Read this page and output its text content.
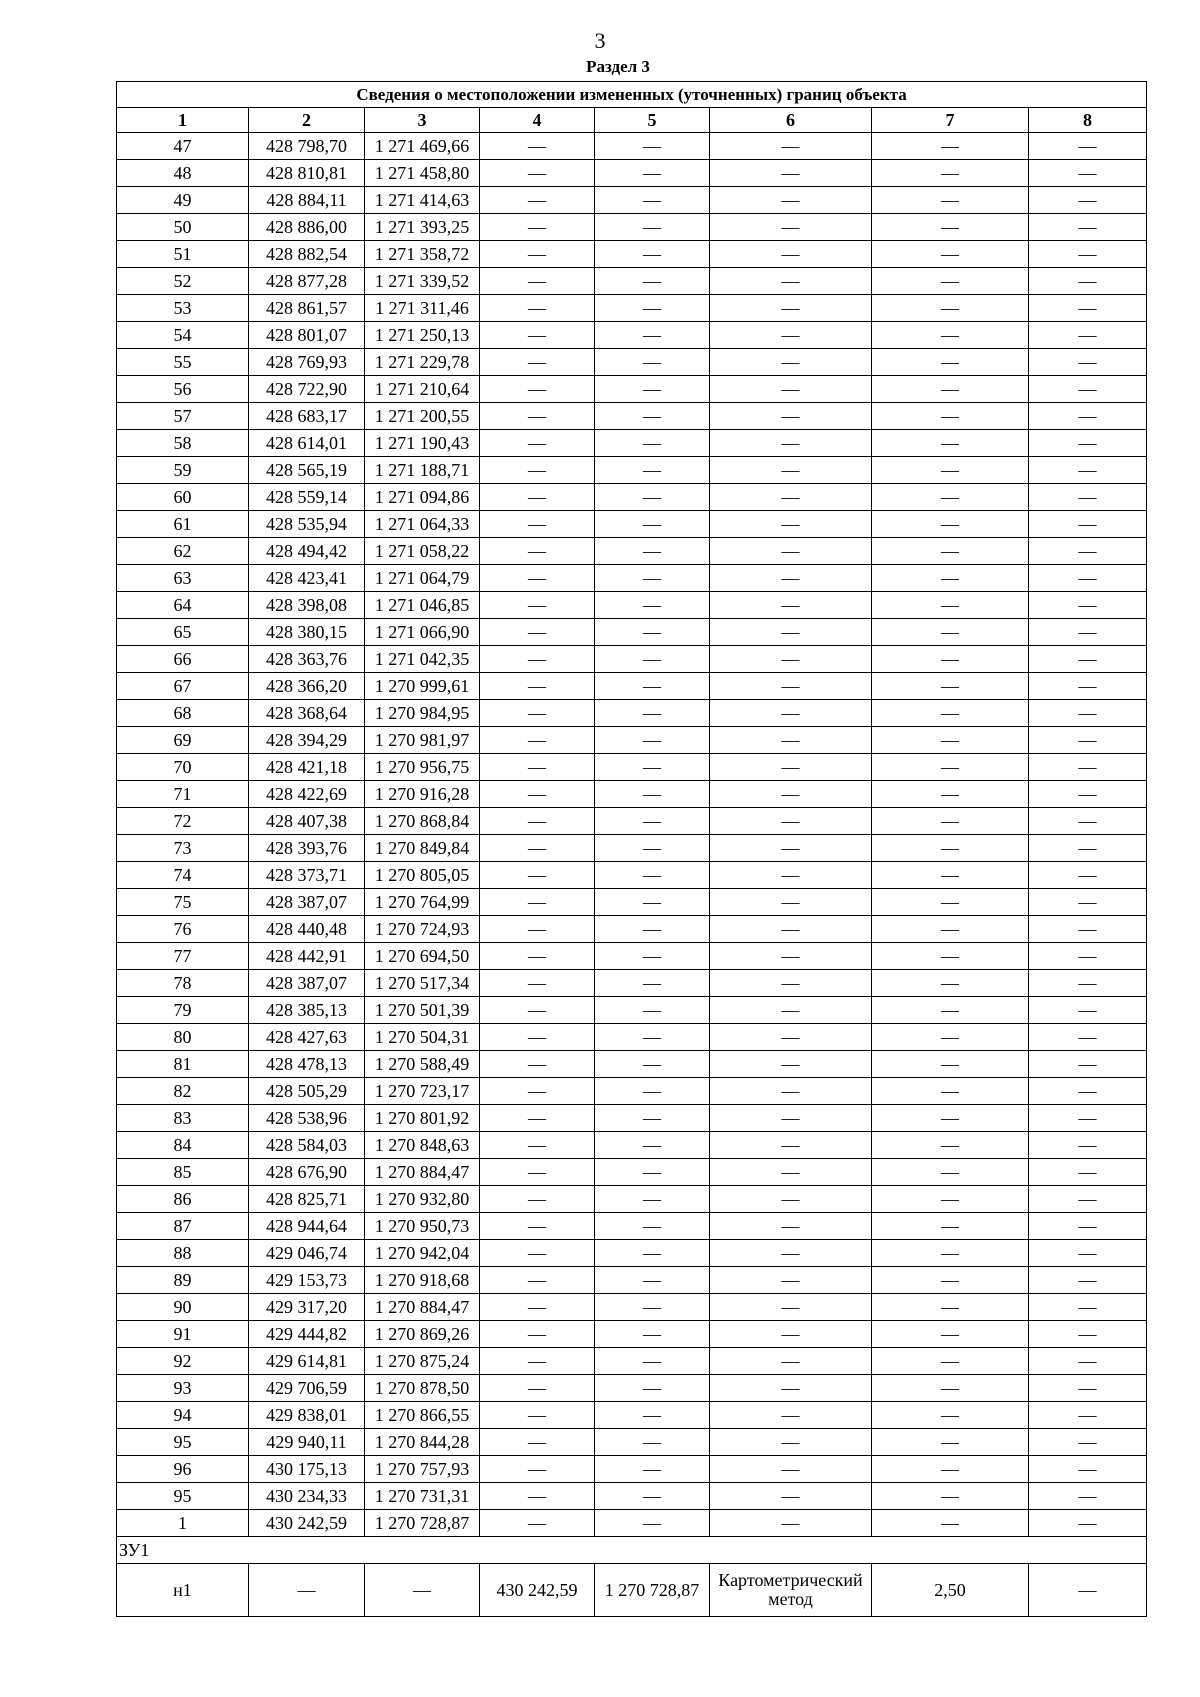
3
Раздел 3
Сведения о местоположении измененных (уточненных) границ объекта							
1	2	3	4	5	6	7	8
47	428 798,70	1 271 469,66	—	—	—	—	—
48	428 810,81	1 271 458,80	—	—	—	—	—
49	428 884,11	1 271 414,63	—	—	—	—	—
50	428 886,00	1 271 393,25	—	—	—	—	—
51	428 882,54	1 271 358,72	—	—	—	—	—
52	428 877,28	1 271 339,52	—	—	—	—	—
53	428 861,57	1 271 311,46	—	—	—	—	—
54	428 801,07	1 271 250,13	—	—	—	—	—
55	428 769,93	1 271 229,78	—	—	—	—	—
56	428 722,90	1 271 210,64	—	—	—	—	—
57	428 683,17	1 271 200,55	—	—	—	—	—
58	428 614,01	1 271 190,43	—	—	—	—	—
59	428 565,19	1 271 188,71	—	—	—	—	—
60	428 559,14	1 271 094,86	—	—	—	—	—
61	428 535,94	1 271 064,33	—	—	—	—	—
62	428 494,42	1 271 058,22	—	—	—	—	—
63	428 423,41	1 271 064,79	—	—	—	—	—
64	428 398,08	1 271 046,85	—	—	—	—	—
65	428 380,15	1 271 066,90	—	—	—	—	—
66	428 363,76	1 271 042,35	—	—	—	—	—
67	428 366,20	1 270 999,61	—	—	—	—	—
68	428 368,64	1 270 984,95	—	—	—	—	—
69	428 394,29	1 270 981,97	—	—	—	—	—
70	428 421,18	1 270 956,75	—	—	—	—	—
71	428 422,69	1 270 916,28	—	—	—	—	—
72	428 407,38	1 270 868,84	—	—	—	—	—
73	428 393,76	1 270 849,84	—	—	—	—	—
74	428 373,71	1 270 805,05	—	—	—	—	—
75	428 387,07	1 270 764,99	—	—	—	—	—
76	428 440,48	1 270 724,93	—	—	—	—	—
77	428 442,91	1 270 694,50	—	—	—	—	—
78	428 387,07	1 270 517,34	—	—	—	—	—
79	428 385,13	1 270 501,39	—	—	—	—	—
80	428 427,63	1 270 504,31	—	—	—	—	—
81	428 478,13	1 270 588,49	—	—	—	—	—
82	428 505,29	1 270 723,17	—	—	—	—	—
83	428 538,96	1 270 801,92	—	—	—	—	—
84	428 584,03	1 270 848,63	—	—	—	—	—
85	428 676,90	1 270 884,47	—	—	—	—	—
86	428 825,71	1 270 932,80	—	—	—	—	—
87	428 944,64	1 270 950,73	—	—	—	—	—
88	429 046,74	1 270 942,04	—	—	—	—	—
89	429 153,73	1 270 918,68	—	—	—	—	—
90	429 317,20	1 270 884,47	—	—	—	—	—
91	429 444,82	1 270 869,26	—	—	—	—	—
92	429 614,81	1 270 875,24	—	—	—	—	—
93	429 706,59	1 270 878,50	—	—	—	—	—
94	429 838,01	1 270 866,55	—	—	—	—	—
95	429 940,11	1 270 844,28	—	—	—	—	—
96	430 175,13	1 270 757,93	—	—	—	—	—
95	430 234,33	1 270 731,31	—	—	—	—	—
1	430 242,59	1 270 728,87	—	—	—	—	—
ЗУ1							
н1	—	—	430 242,59	1 270 728,87	Картометрический метод	2,50	—
